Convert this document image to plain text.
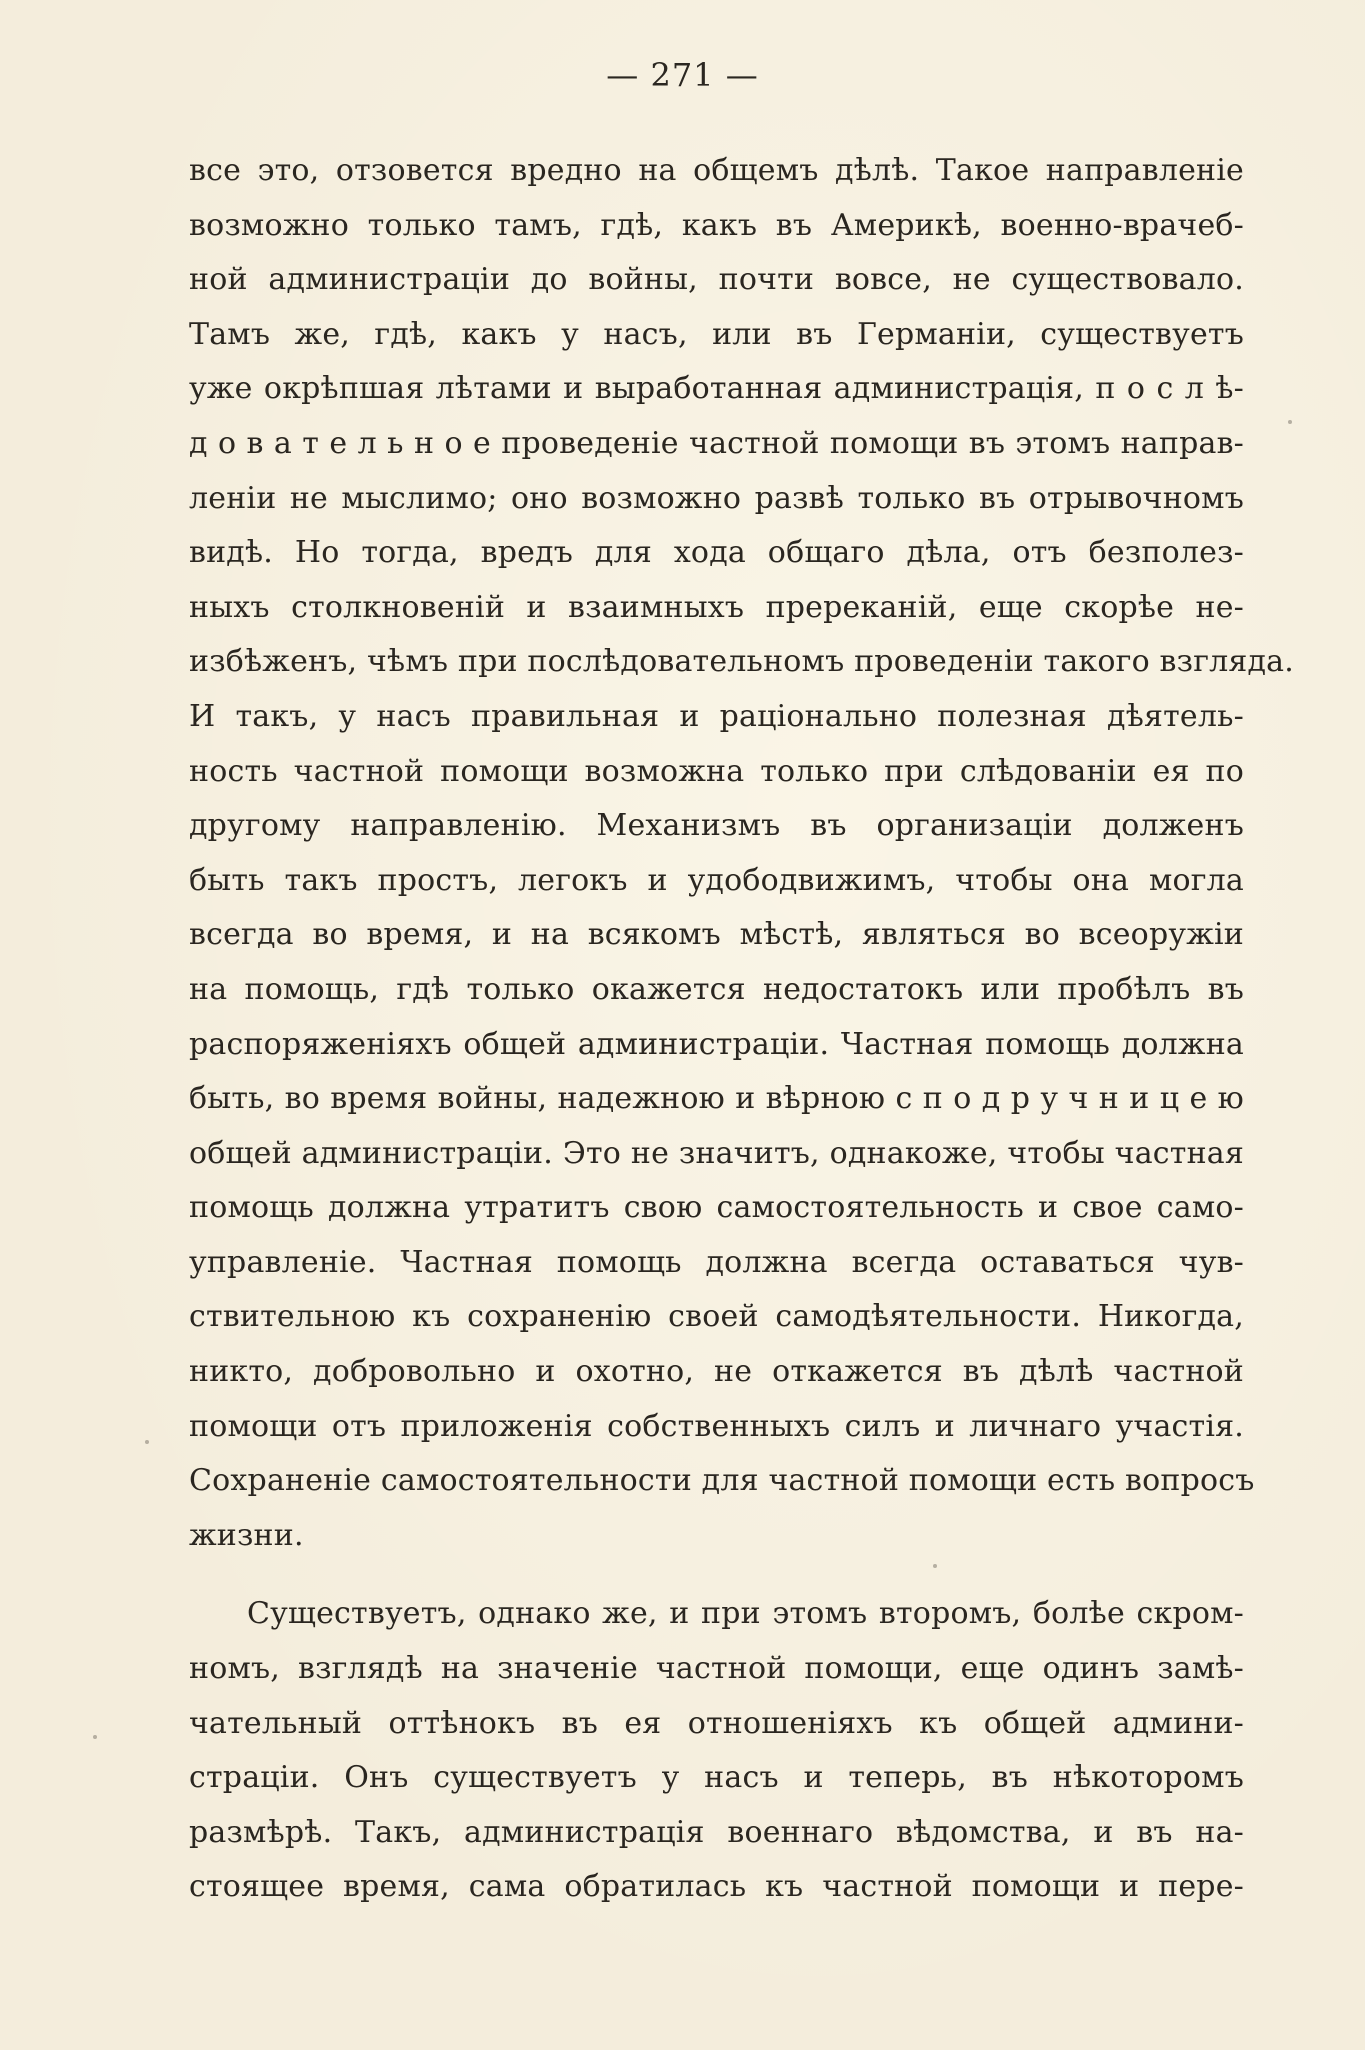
— 271 —
все это, отзовется вредно на общемъ дѣлѣ. Такое направленіе
возможно только тамъ, гдѣ, какъ въ Америкѣ, военно-врачеб-
ной администраціи до войны, почти вовсе, не существовало.
Тамъ же, гдѣ, какъ у насъ, или въ Германіи, существуетъ
уже окрѣпшая лѣтами и выработанная администрація, п о с л ѣ-
д о в а т е л ь н о е проведеніе частной помощи въ этомъ направ-
леніи не мыслимо; оно возможно развѣ только въ отрывочномъ
видѣ. Но тогда, вредъ для хода общаго дѣла, отъ безполез-
ныхъ столкновеній и взаимныхъ пререканій, еще скорѣе не-
избѣженъ, чѣмъ при послѣдовательномъ проведеніи такого взгляда.
И такъ, у насъ правильная и раціонально полезная дѣятель-
ность частной помощи возможна только при слѣдованіи ея по
другому направленію. Механизмъ въ организаціи долженъ
быть такъ простъ, легокъ и удободвижимъ, чтобы она могла
всегда во время, и на всякомъ мѣстѣ, являться во всеоружіи
на помощь, гдѣ только окажется недостатокъ или пробѣлъ въ
распоряженіяхъ общей администраціи. Частная помощь должна
быть, во время войны, надежною и вѣрною с п о д р у ч н и ц е ю
общей администраціи. Это не значитъ, однакоже, чтобы частная
помощь должна утратитъ свою самостоятельность и свое само-
управленіе. Частная помощь должна всегда оставаться чув-
ствительною къ сохраненію своей самодѣятельности. Никогда,
никто, добровольно и охотно, не откажется въ дѣлѣ частной
помощи отъ приложенія собственныхъ силъ и личнаго участія.
Сохраненіе самостоятельности для частной помощи есть вопросъ
жизни.
Существуетъ, однако же, и при этомъ второмъ, болѣе скром-
номъ, взглядѣ на значеніе частной помощи, еще одинъ замѣ-
чательный оттѣнокъ въ ея отношеніяхъ къ общей админи-
страціи. Онъ существуетъ у насъ и теперь, въ нѣкоторомъ
размѣрѣ. Такъ, администрація военнаго вѣдомства, и въ на-
стоящее время, сама обратилась къ частной помощи и пере-
